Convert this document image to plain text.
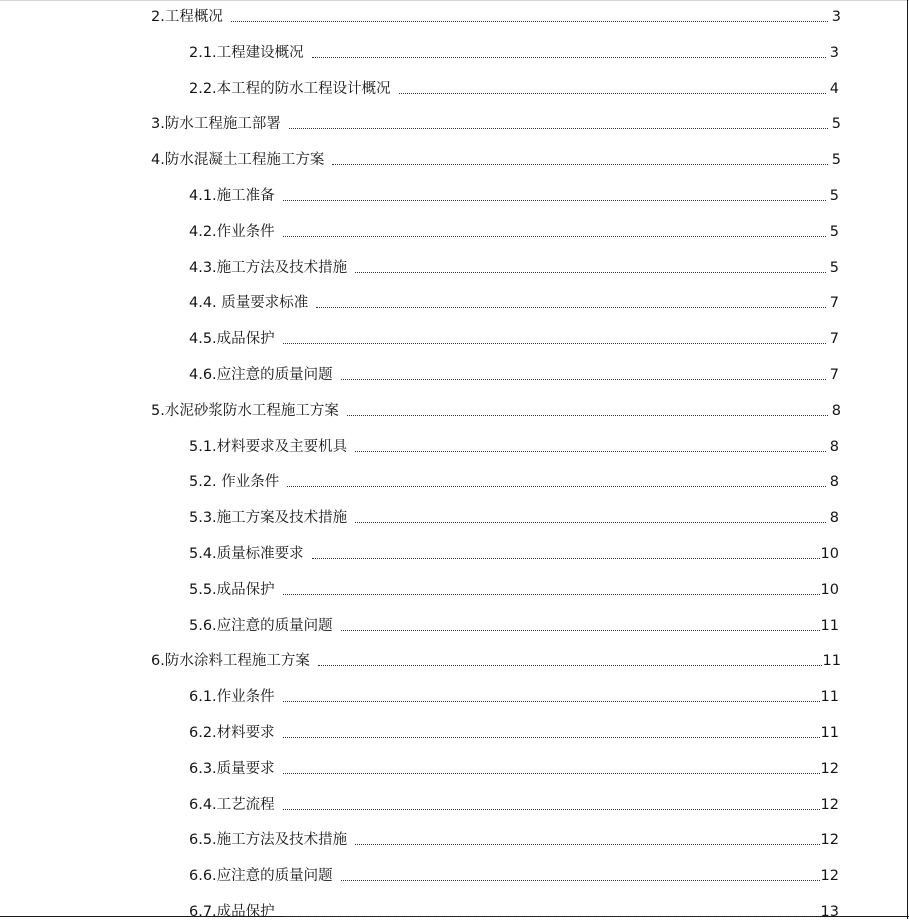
2.工程概况	3
2.1.工程建设概况	3
2.2.本工程的防水工程设计概况	4
3.防水工程施工部署	5
4.防水混凝土工程施工方案	5
4.1.施工准备	5
4.2.作业条件	5
4.3.施工方法及技术措施	5
4.4. 质量要求标准	7
4.5.成品保护	7
4.6.应注意的质量问题	7
5.水泥砂浆防水工程施工方案	8
5.1.材料要求及主要机具	8
5.2. 作业条件	8
5.3.施工方案及技术措施	8
5.4.质量标准要求	10
5.5.成品保护	10
5.6.应注意的质量问题	11
6.防水涂料工程施工方案	11
6.1.作业条件	11
6.2.材料要求	11
6.3.质量要求	12
6.4.工艺流程	12
6.5.施工方法及技术措施	12
6.6.应注意的质量问题	12
6.7.成品保护	13
